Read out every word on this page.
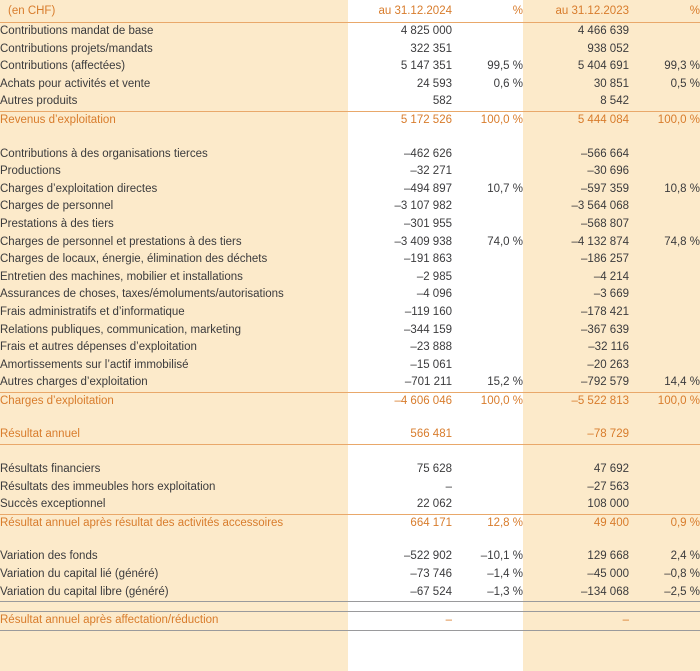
(en CHF)	au 31.12.2024	%	au 31.12.2023	%
Contributions mandat de base	4 825 000		4 466 639	
Contributions projets/mandats	322 351		938 052	
Contributions (affectées)	5 147 351	99,5 %	5 404 691	99,3 %
Achats pour activités et vente	24 593	0,6 %	30 851	0,5 %
Autres produits	582		8 542	
Revenus d’exploitation	5 172 526	100,0 %	5 444 084	100,0 %

Contributions à des organisations tierces	–462 626		–566 664	
Productions	–32 271		–30 696	
Charges d’exploitation directes	–494 897	10,7 %	–597 359	10,8 %
Charges de personnel	–3 107 982		–3 564 068	
Prestations à des tiers	–301 955		–568 807	
Charges de personnel et prestations à des tiers	–3 409 938	74,0 %	–4 132 874	74,8 %
Charges de locaux, énergie, élimination des déchets	–191 863		–186 257	
Entretien des machines, mobilier et installations	–2 985		–4 214	
Assurances de choses, taxes/émoluments/autorisations	–4 096		–3 669	
Frais administratifs et d’informatique	–119 160		–178 421	
Relations publiques, communication, marketing	–344 159		–367 639	
Frais et autres dépenses d’exploitation	–23 888		–32 116	
Amortissements sur l’actif immobilisé	–15 061		–20 263	
Autres charges d’exploitation	–701 211	15,2 %	–792 579	14,4 %
Charges d’exploitation	–4 606 046	100,0 %	–5 522 813	100,0 %

Résultat annuel	566 481		–78 729	

Résultats financiers	75 628		47 692	
Résultats des immeubles hors exploitation	–		–27 563	
Succès exceptionnel	22 062		108 000	
Résultat annuel après résultat des activités accessoires	664 171	12,8 %	49 400	0,9 %

Variation des fonds	–522 902	–10,1 %	129 668	2,4 %
Variation du capital lié (généré)	–73 746	–1,4 %	–45 000	–0,8 %
Variation du capital libre (généré)	–67 524	–1,3 %	–134 068	–2,5 %

Résultat annuel après affectation/réduction	–		–	
